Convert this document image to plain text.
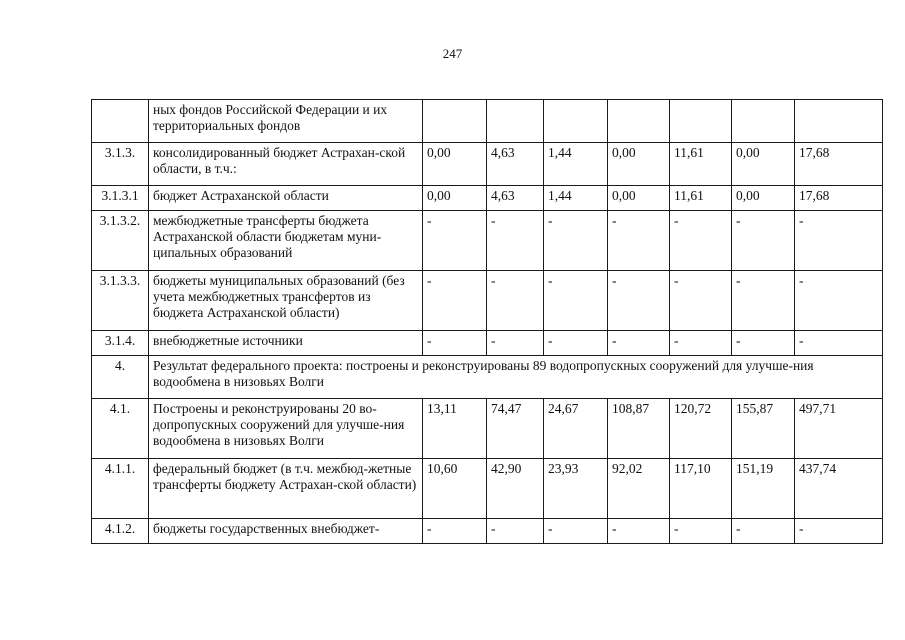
247
	ных фондов Российской Федерации и их территориальных фондов							
3.1.3.	консолидированный бюджет Астрахан-ской области, в т.ч.:	0,00	4,63	1,44	0,00	11,61	0,00	17,68
3.1.3.1	бюджет Астраханской области	0,00	4,63	1,44	0,00	11,61	0,00	17,68
3.1.3.2.	межбюджетные трансферты бюджета Астраханской области бюджетам муни-ципальных образований	-	-	-	-	-	-	-
3.1.3.3.	бюджеты муниципальных образований (без учета межбюджетных трансфертов из бюджета Астраханской области)	-	-	-	-	-	-	-
3.1.4.	внебюджетные источники	-	-	-	-	-	-	-
4.	Результат федерального проекта: построены и реконструированы 89 водопропускных сооружений для улучше-ния водообмена в низовьях Волги							
4.1.	Построены и реконструированы 20 во-допропускных сооружений для улучше-ния водообмена в низовьях Волги	13,11	74,47	24,67	108,87	120,72	155,87	497,71
4.1.1.	федеральный бюджет (в т.ч. межбюд-жетные трансферты бюджету Астрахан-ской области)	10,60	42,90	23,93	92,02	117,10	151,19	437,74
4.1.2.	бюджеты государственных внебюджет-	-	-	-	-	-	-	-
